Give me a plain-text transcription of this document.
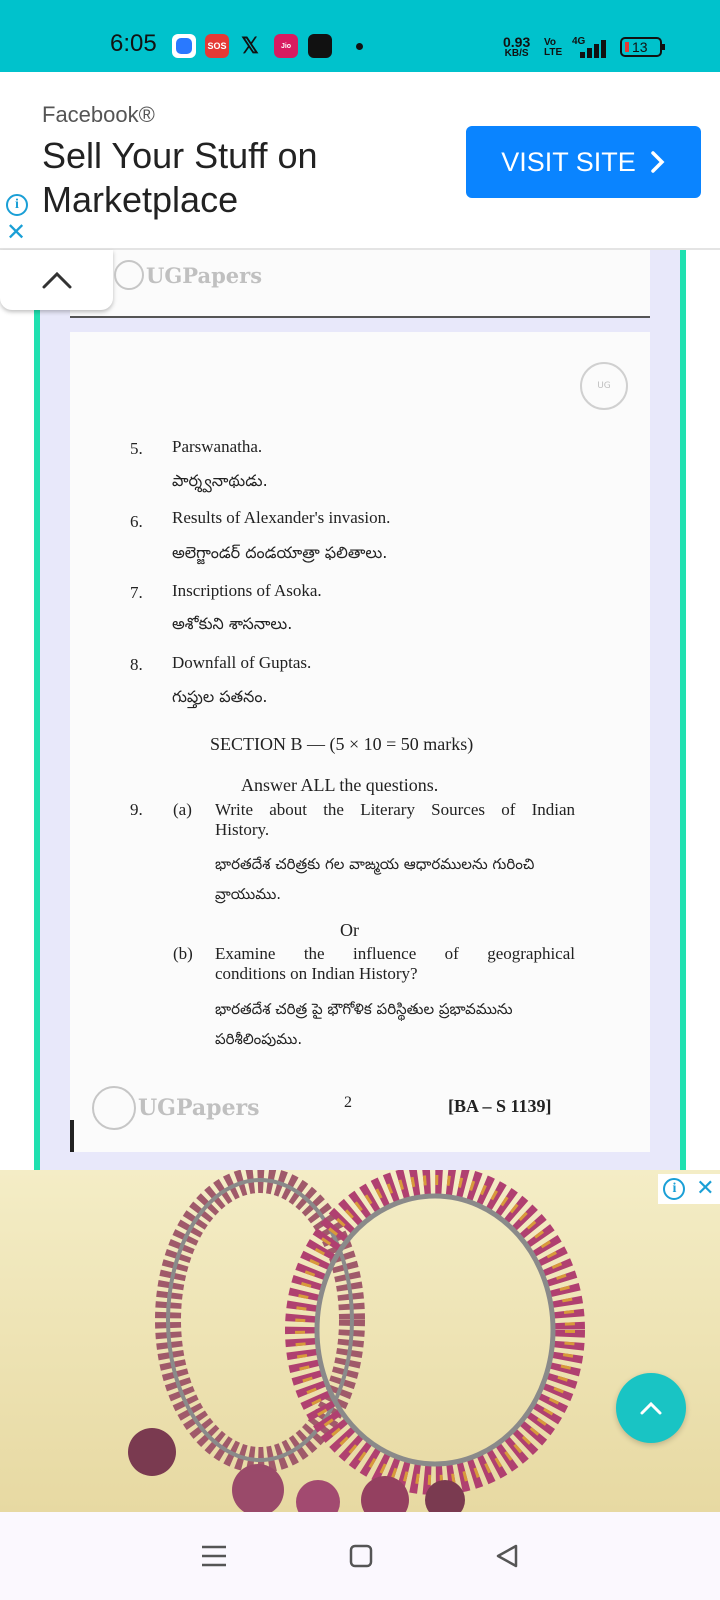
6:05	SOS 𝕏	Jio	0.93
KB/S
Vo
LTE
4G	13
Facebook®
Sell Your Stuff on Marketplace
VISIT SITE
i
✕
UGPapers
UG
5. Parswanatha.
పార్శ్వనాథుడు.
6. Results of Alexander's invasion.
అలెగ్జాండర్ దండయాత్రా ఫలితాలు.
7. Inscriptions of Asoka.
అశోకుని శాసనాలు.
8. Downfall of Guptas.
గుప్తుల పతనం.
SECTION B — (5 × 10 = 50 marks)
Answer ALL the questions.
9. (a) Write about the Literary Sources of Indian
History.
భారతదేశ చరిత్రకు గల వాఙ్మయ ఆధారములను గురించి
వ్రాయుము.
Or
(b) Examine the influence of geographical
conditions on Indian History?
భారతదేశ చరిత్ర పై భౌగోళిక పరిస్థితుల ప్రభావమును
పరిశీలింపుము.
UGPapers	2	[BA – S 1139]
i ✕
